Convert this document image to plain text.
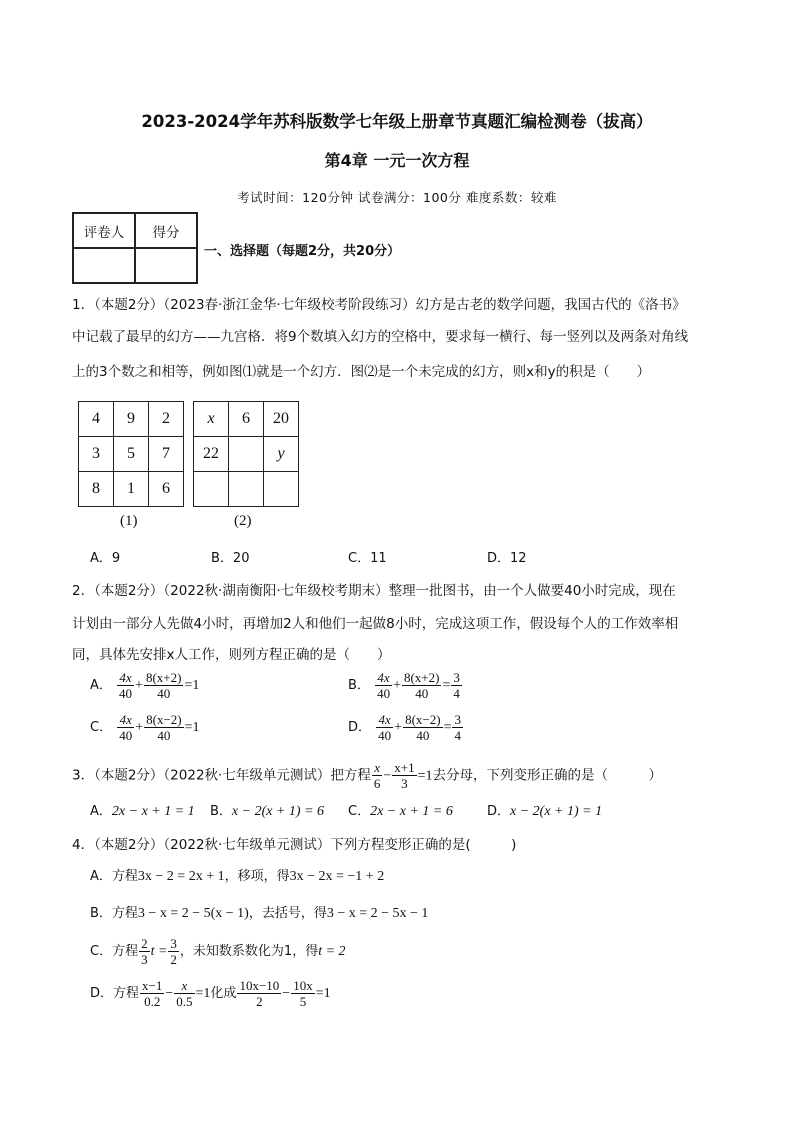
2023-2024学年苏科版数学七年级上册章节真题汇编检测卷（拔高）
第4章 一元一次方程
考试时间：120分钟 试卷满分：100分 难度系数：较难
评卷人	得分

一、选择题（每题2分，共20分）
1．（本题2分）（2023春·浙江金华·七年级校考阶段练习）幻方是古老的数学问题，我国古代的《洛书》
中记载了最早的幻方——九宫格．将9个数填入幻方的空格中，要求每一横行、每一竖列以及两条对角线
上的3个数之和相等，例如图⑴就是一个幻方．图⑵是一个未完成的幻方，则x和y的积是（　　）
4	9	2
3	5	7
8	1	6
x	6	20
22		y

(1)	(2)
A．9	B．20	C．11	D．12
2．（本题2分）（2022秋·湖南衡阳·七年级校考期末）整理一批图书，由一个人做要40小时完成，现在
计划由一部分人先做4小时，再增加2人和他们一起做8小时，完成这项工作，假设每个人的工作效率相
同，具体先安排x人工作，则列方程正确的是（　　）
A． $\frac{4x}{40} + \frac{8(x+2)}{40} =1$	B． $\frac{4x}{40} + \frac{8(x+2)}{40} = \frac{3}{4}$
C． $\frac{4x}{40} + \frac{8(x-2)}{40} =1$	D． $\frac{4x}{40} + \frac{8(x-2)}{40} = \frac{3}{4}$
3．（本题2分）（2022秋·七年级单元测试）把方程 $\frac{x}{6} - \frac{x+1}{3} =1$去分母，下列变形正确的是（　　　）
A．2x − x + 1 = 1 B．x − 2(x + 1) = 6 C．2x − x + 1 = 6	D．x − 2(x + 1) = 1
4．（本题2分）（2022秋·七年级单元测试）下列方程变形正确的是(　　　)
A．方程3x − 2 = 2x + 1，移项，得3x − 2x = −1 + 2
B．方程3 − x = 2 − 5(x − 1)，去括号，得3 − x = 2 − 5x − 1
C．方程 $\frac{2}{3}$ $t = \frac{3}{2}$ ，未知数系数化为1，得t = 2
D．方程 $\frac{x-1}{0.2} - \frac{x}{0.5} =1$化成 $\frac{10x-10}{2} - \frac{10x}{5} =1$
